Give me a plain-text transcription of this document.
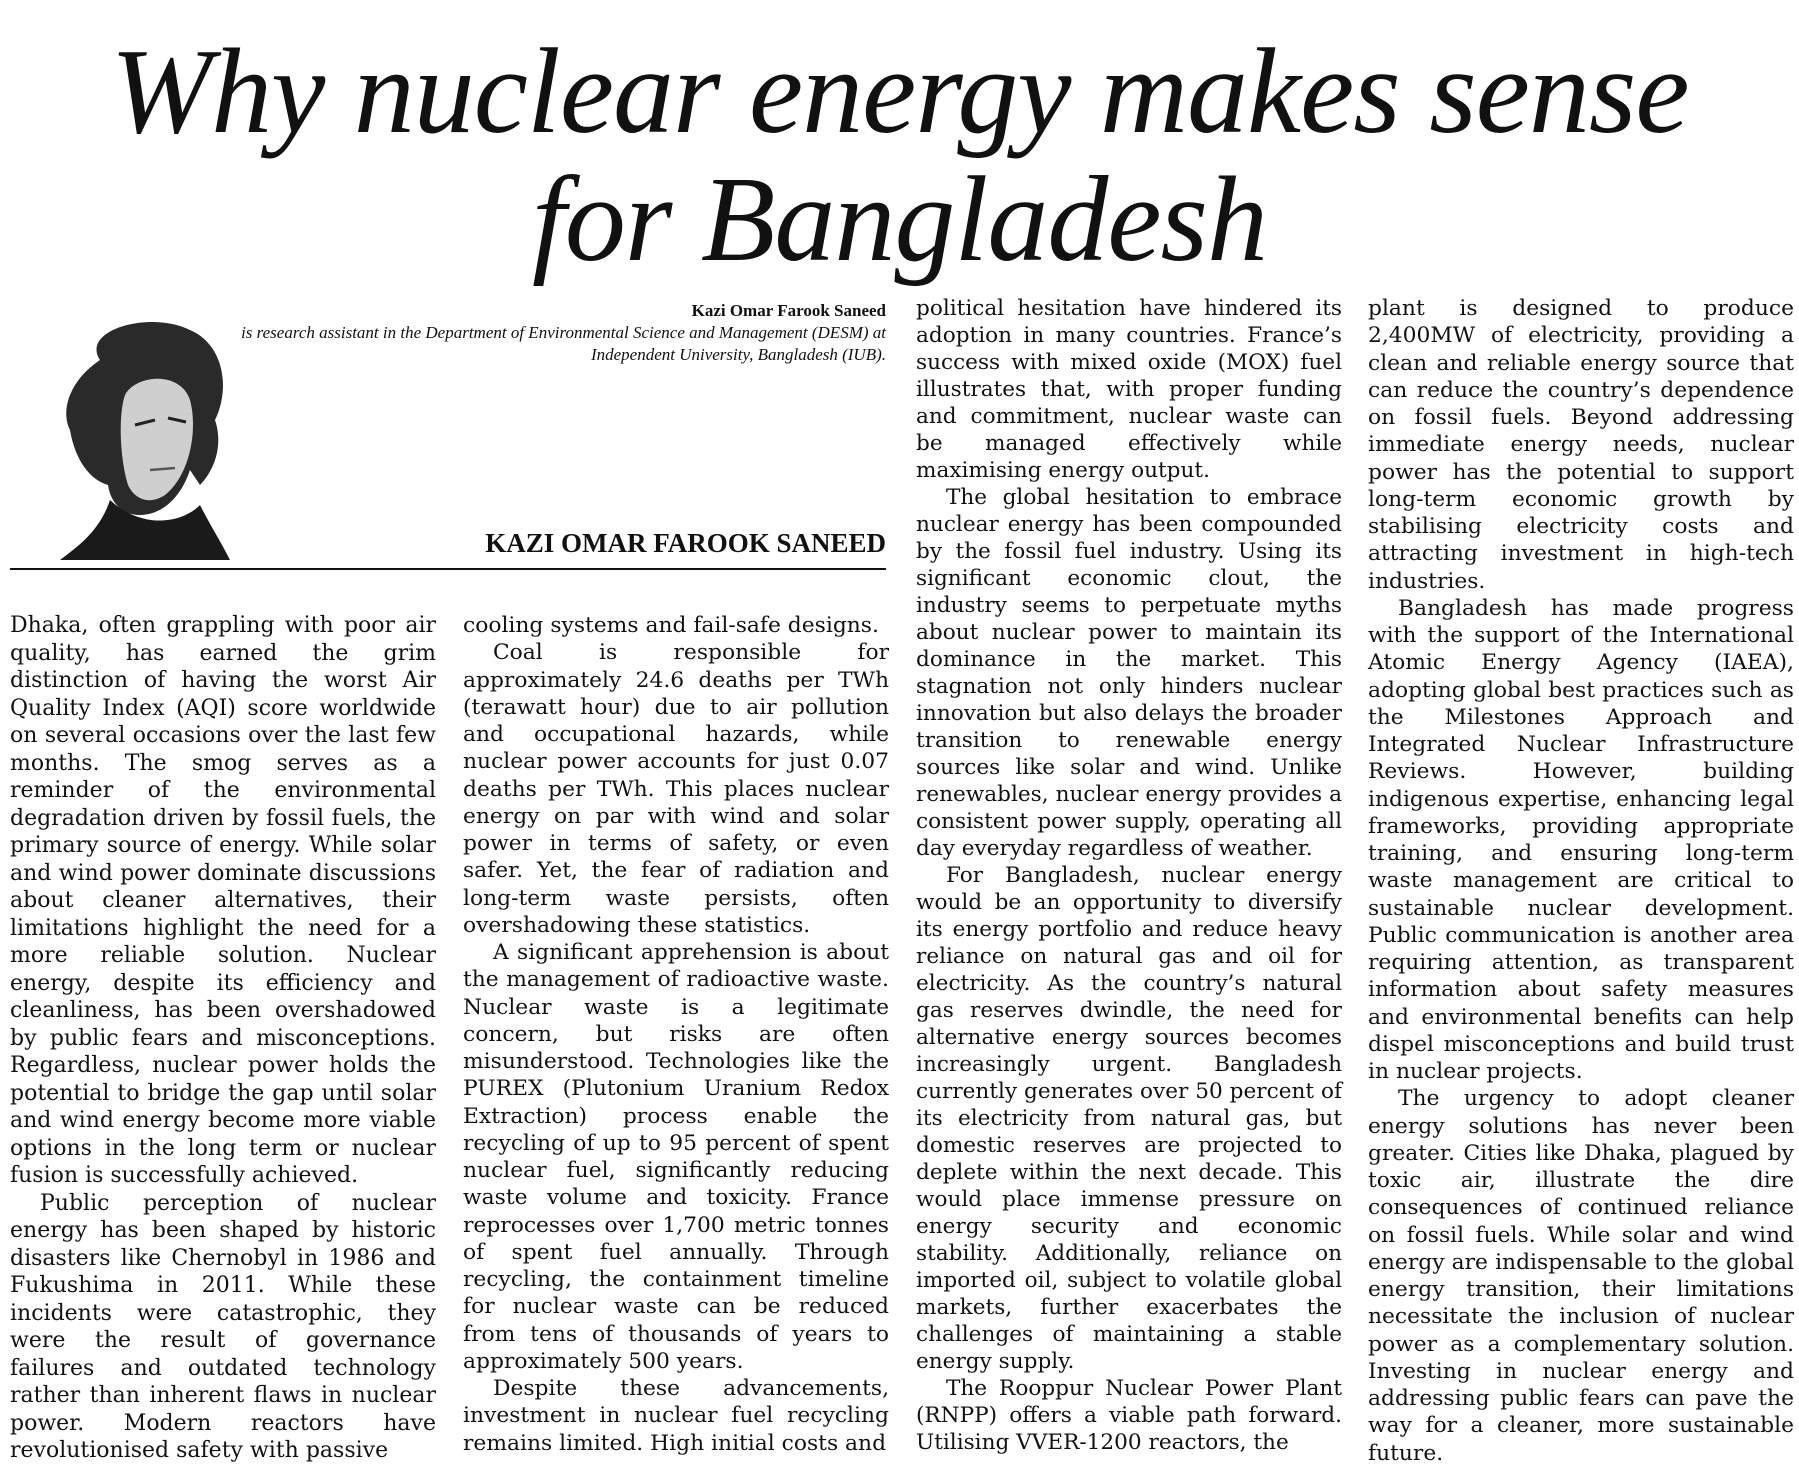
Why nuclear energy makes sense
for Bangladesh
Kazi Omar Farook Saneed
is research assistant in the Department of Environmental Science and Management (DESM) at Independent University, Bangladesh (IUB).
KAZI OMAR FAROOK SANEED

Dhaka, often grappling with poor air quality, has earned the grim distinction of having the worst Air Quality Index (AQI) score worldwide on several occasions over the last few months. The smog serves as a reminder of the environmental degradation driven by fossil fuels, the primary source of energy. While solar and wind power dominate discussions about cleaner alternatives, their limitations highlight the need for a more reliable solution. Nuclear energy, despite its efficiency and cleanliness, has been overshadowed by public fears and misconceptions. Regardless, nuclear power holds the potential to bridge the gap until solar and wind energy become more viable options in the long term or nuclear fusion is successfully achieved.

Public perception of nuclear energy has been shaped by historic disasters like Chernobyl in 1986 and Fukushima in 2011. While these incidents were catastrophic, they were the result of governance failures and outdated technology rather than inherent flaws in nuclear power. Modern reactors have revolutionised safety with passive

cooling systems and fail-safe designs.

Coal is responsible for approximately 24.6 deaths per TWh (terawatt hour) due to air pollution and occupational hazards, while nuclear power accounts for just 0.07 deaths per TWh. This places nuclear energy on par with wind and solar power in terms of safety, or even safer. Yet, the fear of radiation and long-term waste persists, often overshadowing these statistics.

A significant apprehension is about the management of radioactive waste. Nuclear waste is a legitimate concern, but risks are often misunderstood. Technologies like the PUREX (Plutonium Uranium Redox Extraction) process enable the recycling of up to 95 percent of spent nuclear fuel, significantly reducing waste volume and toxicity. France reprocesses over 1,700 metric tonnes of spent fuel annually. Through recycling, the containment timeline for nuclear waste can be reduced from tens of thousands of years to approximately 500 years.

Despite these advancements, investment in nuclear fuel recycling remains limited. High initial costs and

political hesitation have hindered its adoption in many countries. France’s success with mixed oxide (MOX) fuel illustrates that, with proper funding and commitment, nuclear waste can be managed effectively while maximising energy output.

The global hesitation to embrace nuclear energy has been compounded by the fossil fuel industry. Using its significant economic clout, the industry seems to perpetuate myths about nuclear power to maintain its dominance in the market. This stagnation not only hinders nuclear innovation but also delays the broader transition to renewable energy sources like solar and wind. Unlike renewables, nuclear energy provides a consistent power supply, operating all day everyday regardless of weather.

For Bangladesh, nuclear energy would be an opportunity to diversify its energy portfolio and reduce heavy reliance on natural gas and oil for electricity. As the country’s natural gas reserves dwindle, the need for alternative energy sources becomes increasingly urgent. Bangladesh currently generates over 50 percent of its electricity from natural gas, but domestic reserves are projected to deplete within the next decade. This would place immense pressure on energy security and economic stability. Additionally, reliance on imported oil, subject to volatile global markets, further exacerbates the challenges of maintaining a stable energy supply.

The Rooppur Nuclear Power Plant (RNPP) offers a viable path forward. Utilising VVER-1200 reactors, the

plant is designed to produce 2,400MW of electricity, providing a clean and reliable energy source that can reduce the country’s dependence on fossil fuels. Beyond addressing immediate energy needs, nuclear power has the potential to support long-term economic growth by stabilising electricity costs and attracting investment in high-tech industries.

Bangladesh has made progress with the support of the International Atomic Energy Agency (IAEA), adopting global best practices such as the Milestones Approach and Integrated Nuclear Infrastructure Reviews. However, building indigenous expertise, enhancing legal frameworks, providing appropriate training, and ensuring long-term waste management are critical to sustainable nuclear development. Public communication is another area requiring attention, as transparent information about safety measures and environmental benefits can help dispel misconceptions and build trust in nuclear projects.

The urgency to adopt cleaner energy solutions has never been greater. Cities like Dhaka, plagued by toxic air, illustrate the dire consequences of continued reliance on fossil fuels. While solar and wind energy are indispensable to the global energy transition, their limitations necessitate the inclusion of nuclear power as a complementary solution. Investing in nuclear energy and addressing public fears can pave the way for a cleaner, more sustainable future.
